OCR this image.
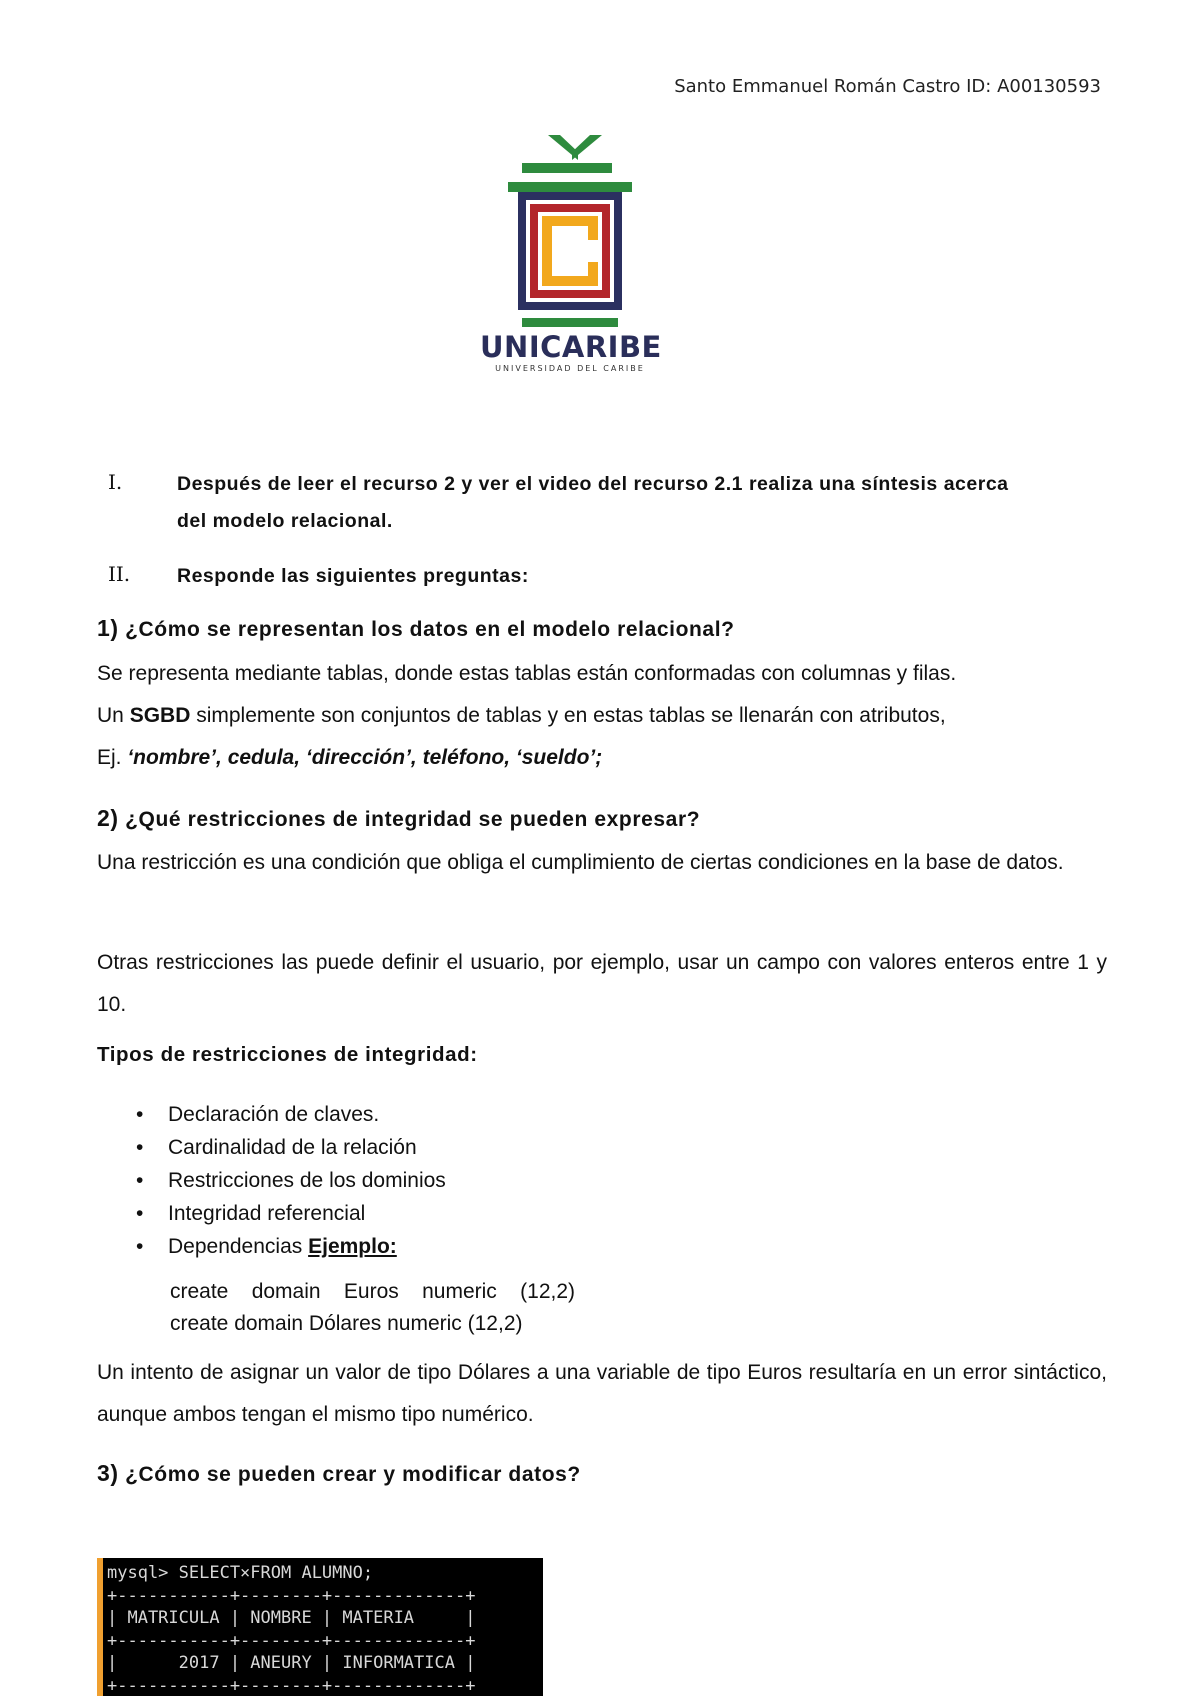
Santo Emmanuel Román Castro ID: A00130593
UNICARIBE
UNIVERSIDAD DEL CARIBE
I.	Después de leer el recurso 2 y ver el video del recurso 2.1 realiza una síntesis acerca
del modelo relacional.
II. Responde las siguientes preguntas:
1) ¿Cómo se representan los datos en el modelo relacional?
Se representa mediante tablas, donde estas tablas están conformadas con columnas y filas.
Un SGBD simplemente son conjuntos de tablas y en estas tablas se llenarán con atributos,
Ej. ‘nombre’, cedula, ‘dirección’, teléfono, ‘sueldo’;
2) ¿Qué restricciones de integridad se pueden expresar?
Una restricción es una condición que obliga el cumplimiento de ciertas condiciones en la base de datos.
Otras restricciones las puede definir el usuario, por ejemplo, usar un campo con valores enteros entre 1 y 10.
Tipos de restricciones de integridad:
• Declaración de claves.
• Cardinalidad de la relación
• Restricciones de los dominios
• Integridad referencial
• Dependencias Ejemplo:
create    domain    Euros    numeric    (12,2)
create domain Dólares numeric (12,2)
Un intento de asignar un valor de tipo Dólares a una variable de tipo Euros resultaría en un error sintáctico, aunque ambos tengan el mismo tipo numérico.
3) ¿Cómo se pueden crear y modificar datos?
mysql> SELECT×FROM ALUMNO;
+-----------+--------+-------------+
| MATRICULA | NOMBRE | MATERIA     |
+-----------+--------+-------------+
|      2017 | ANEURY | INFORMATICA |
+-----------+--------+-------------+
